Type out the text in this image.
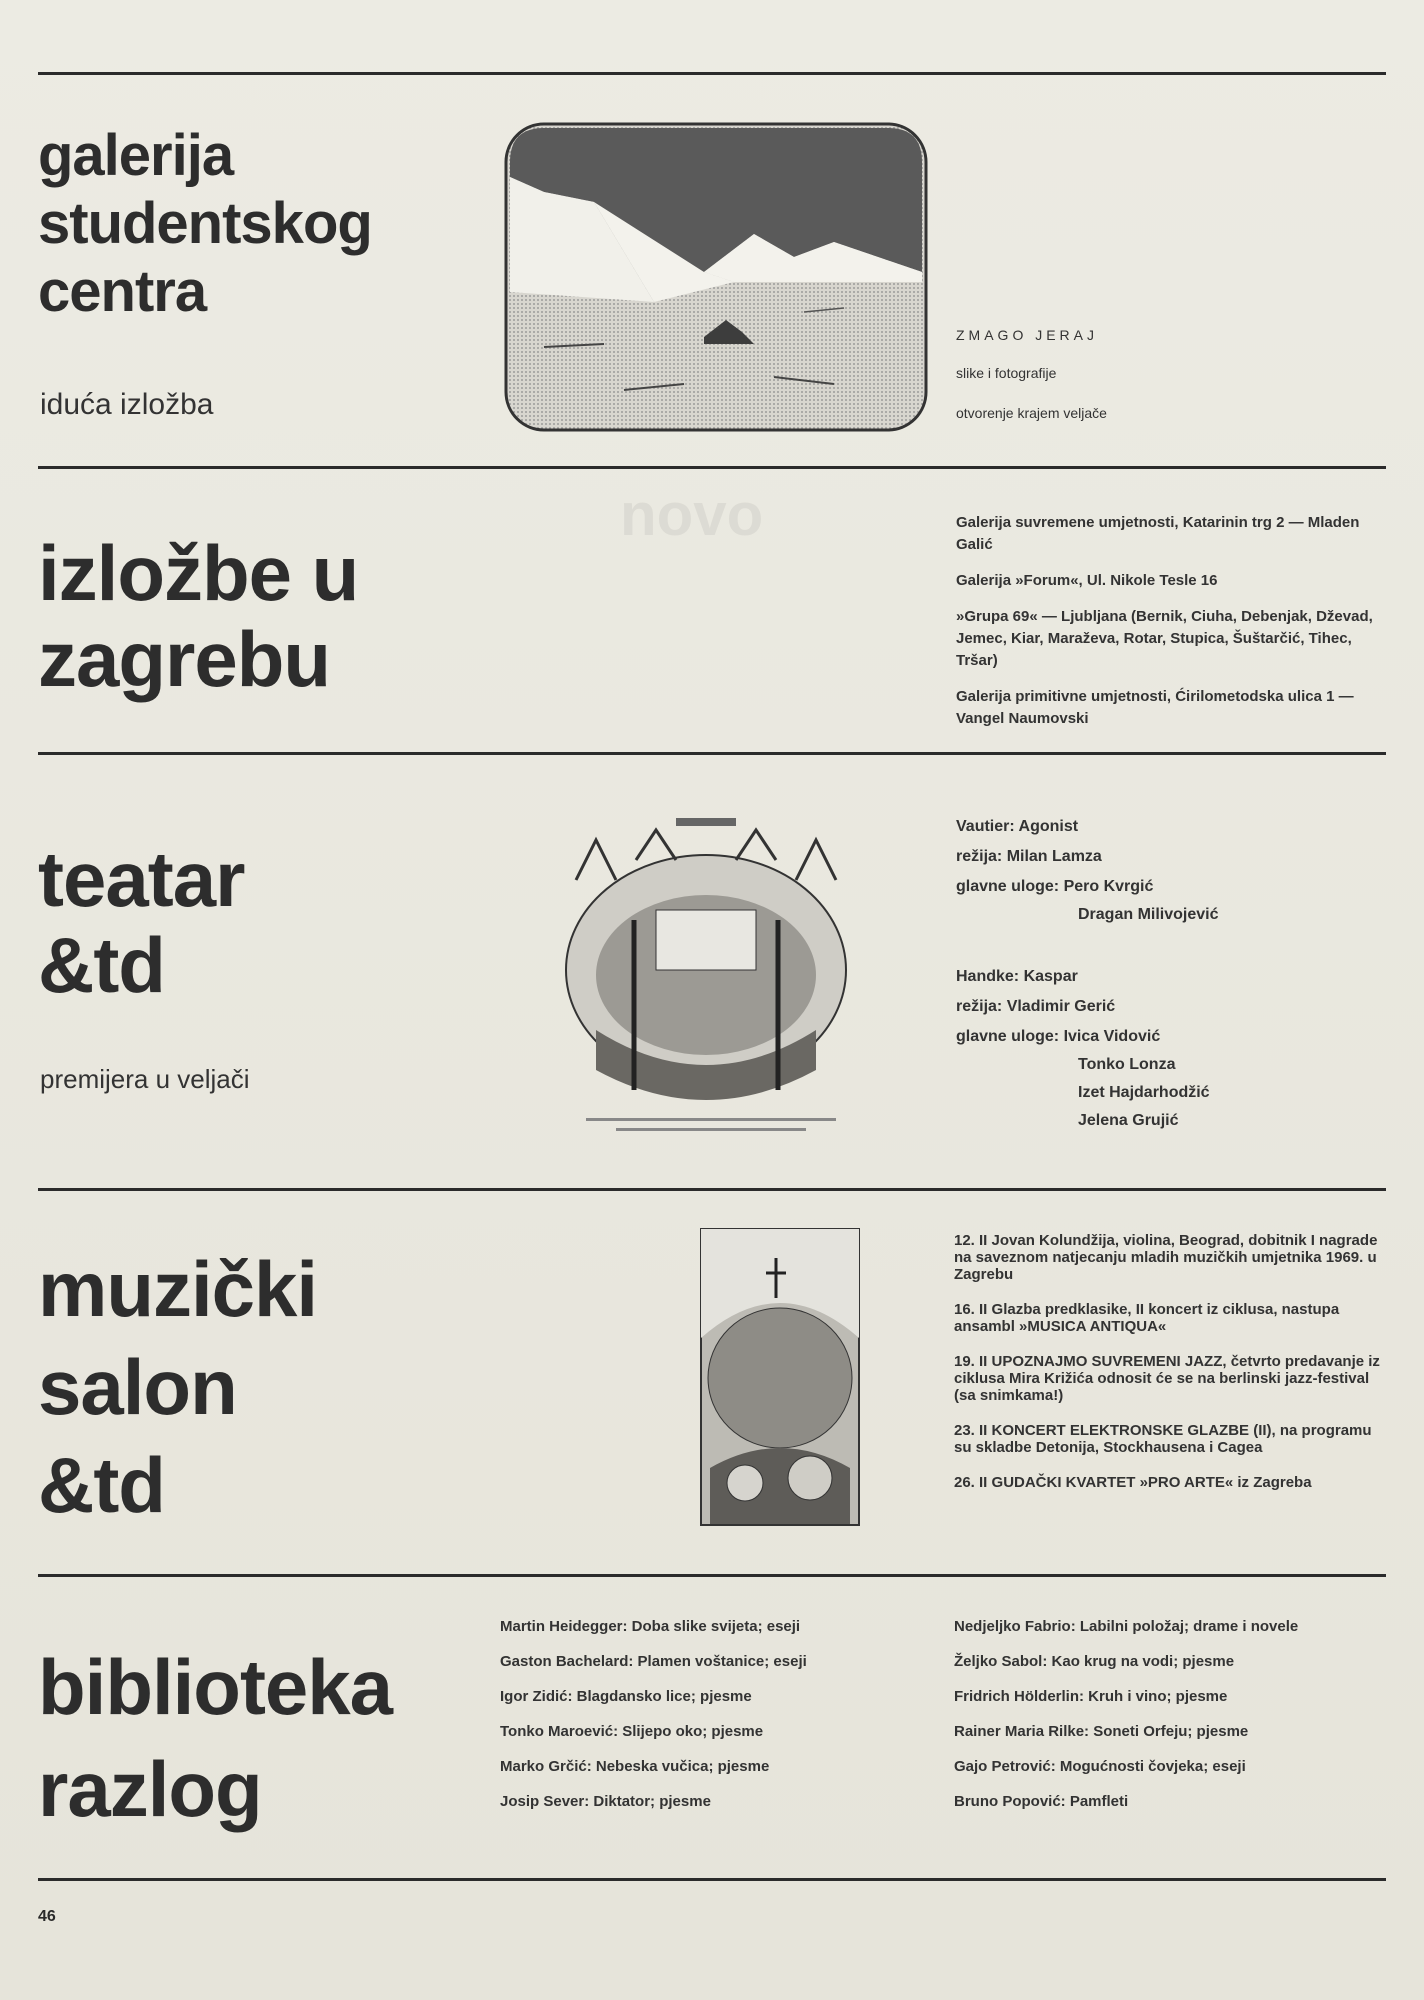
novo
galerija
studentskog
centra
iduća izložba
ZMAGO JERAJ
slike i fotografije
otvorenje krajem veljače
izložbe u
zagrebu

Galerija suvremene umjetnosti, Katarinin trg 2 — Mladen Galić

Galerija »Forum«, Ul. Nikole Tesle 16

»Grupa 69« — Ljubljana (Bernik, Ciuha, Debenjak, Dževad, Jemec, Kiar, Maraževa, Rotar, Stupica, Šuštarčić, Tihec, Tršar)

Galerija primitivne umjetnosti, Ćirilometodska ulica 1 — Vangel Naumovski

teatar
&td
premijera u veljači

Vautier: Agonist

režija: Milan Lamza

glavne uloge: Pero Kvrgić

Dragan Milivojević

Handke: Kaspar

režija: Vladimir Gerić

glavne uloge: Ivica Vidović

Tonko Lonza

Izet Hajdarhodžić

Jelena Grujić

muzički
salon
&td

12. II Jovan Kolundžija, violina, Beograd, dobitnik I nagrade na saveznom natjecanju mladih muzičkih umjetnika 1969. u Zagrebu

16. II Glazba predklasike, II koncert iz ciklusa, nastupa ansambl »MUSICA ANTIQUA«

19. II UPOZNAJMO SUVREMENI JAZZ, četvrto predavanje iz ciklusa Mira Križića odnosit će se na berlinski jazz-festival (sa snimkama!)

23. II KONCERT ELEKTRONSKE GLAZBE (II), na programu su skladbe Detonija, Stockhausena i Cagea

26. II GUDAČKI KVARTET »PRO ARTE« iz Zagreba

biblioteka
razlog

Martin Heidegger: Doba slike svijeta; eseji

Gaston Bachelard: Plamen voštanice; eseji

Igor Zidić: Blagdansko lice; pjesme

Tonko Maroević: Slijepo oko; pjesme

Marko Grčić: Nebeska vučica; pjesme

Josip Sever: Diktator; pjesme

Nedjeljko Fabrio: Labilni položaj; drame i novele

Željko Sabol: Kao krug na vodi; pjesme

Fridrich Hölderlin: Kruh i vino; pjesme

Rainer Maria Rilke: Soneti Orfeju; pjesme

Gajo Petrović: Mogućnosti čovjeka; eseji

Bruno Popović: Pamfleti

46
